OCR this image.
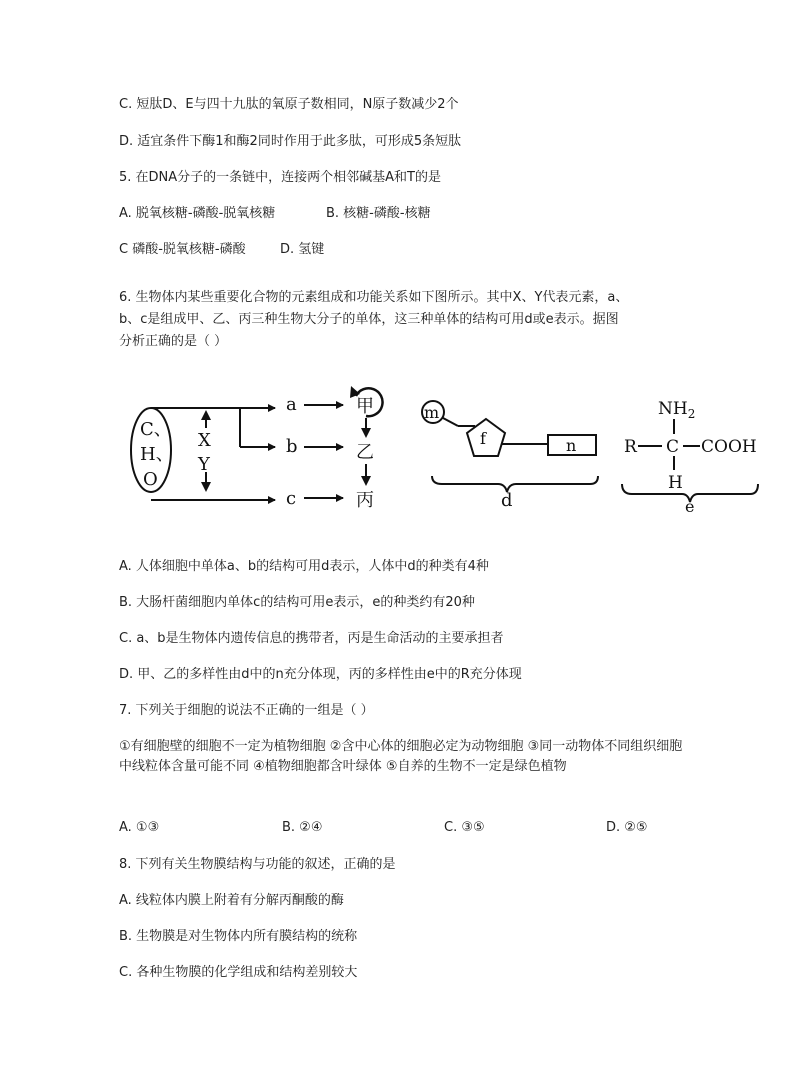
C. 短肽D、E与四十九肽的氧原子数相同，N原子数减少2个
D. 适宜条件下酶1和酶2同时作用于此多肽，可形成5条短肽
5. 在DNA分子的一条链中，连接两个相邻碱基A和T的是
A. 脱氧核糖-磷酸-脱氧核糖	B. 核糖-磷酸-核糖
C 磷酸-脱氧核糖-磷酸	D. 氢键
6. 生物体内某些重要化合物的元素组成和功能关系如下图所示。其中X、Y代表元素，a、
b、c是组成甲、乙、丙三种生物大分子的单体，这三种单体的结构可用d或e表示。据图
分析正确的是（ ）
C、
H、
O
X
Y
a
b
c
甲
乙
丙
m
f	n
d
$NH_2$
R C COOH
H
e
A. 人体细胞中单体a、b的结构可用d表示，人体中d的种类有4种
B. 大肠杆菌细胞内单体c的结构可用e表示，e的种类约有20种
C. a、b是生物体内遗传信息的携带者，丙是生命活动的主要承担者
D. 甲、乙的多样性由d中的n充分体现，丙的多样性由e中的R充分体现
7. 下列关于细胞的说法不正确的一组是（ ）
①有细胞壁的细胞不一定为植物细胞 ②含中心体的细胞必定为动物细胞 ③同一动物体不同组织细胞中线粒体含量可能不同 ④植物细胞都含叶绿体 ⑤自养的生物不一定是绿色植物
A. ①③	B. ②④	C. ③⑤	D. ②⑤
8. 下列有关生物膜结构与功能的叙述，正确的是
A. 线粒体内膜上附着有分解丙酮酸的酶
B. 生物膜是对生物体内所有膜结构的统称
C. 各种生物膜的化学组成和结构差别较大
